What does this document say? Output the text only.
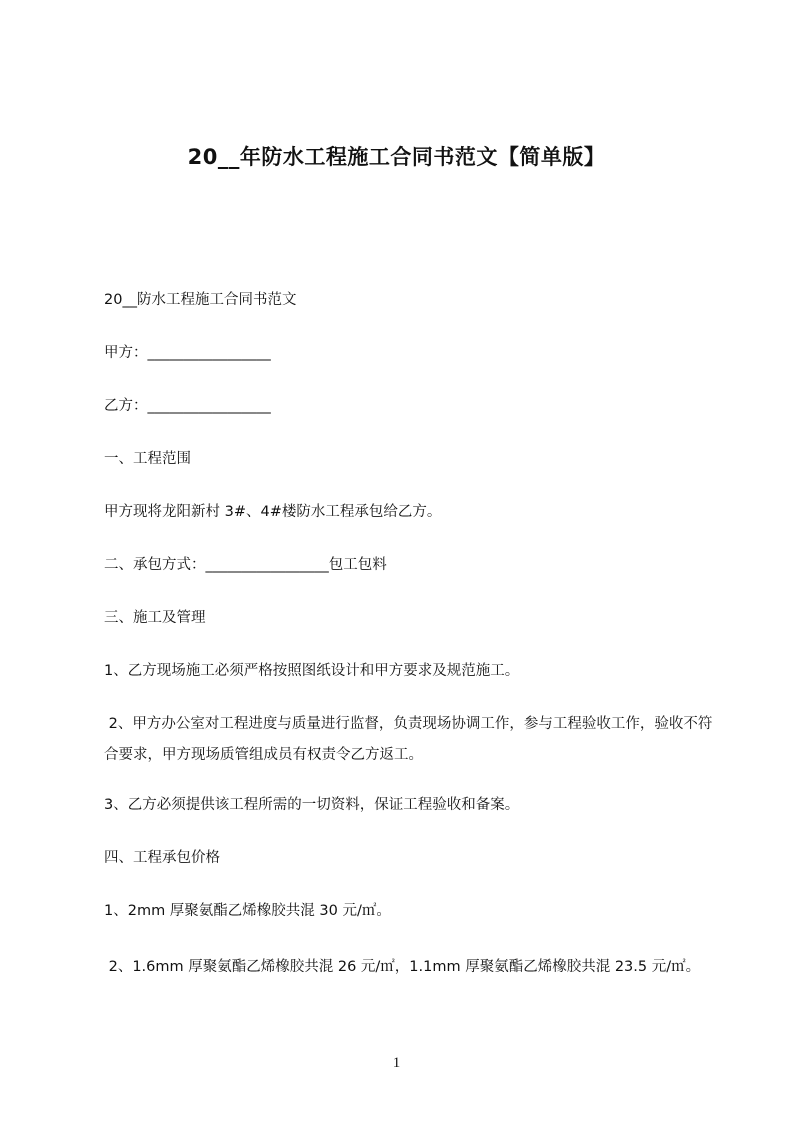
20__年防水工程施工合同书范文【简单版】

20__防水工程施工合同书范文

甲方：_________________

乙方：_________________

一、工程范围

甲方现将龙阳新村 3#、4#楼防水工程承包给乙方。

二、承包方式：_________________包工包料

三、施工及管理

1、乙方现场施工必须严格按照图纸设计和甲方要求及规范施工。

2、甲方办公室对工程进度与质量进行监督，负责现场协调工作，参与工程验收工作，验收不符合要求，甲方现场质管组成员有权责令乙方返工。

3、乙方必须提供该工程所需的一切资料，保证工程验收和备案。

四、工程承包价格

1、2mm 厚聚氨酯乙烯橡胶共混 30 元/㎡。

2、1.6mm 厚聚氨酯乙烯橡胶共混 26 元/㎡，1.1mm 厚聚氨酯乙烯橡胶共混 23.5 元/㎡。

1
